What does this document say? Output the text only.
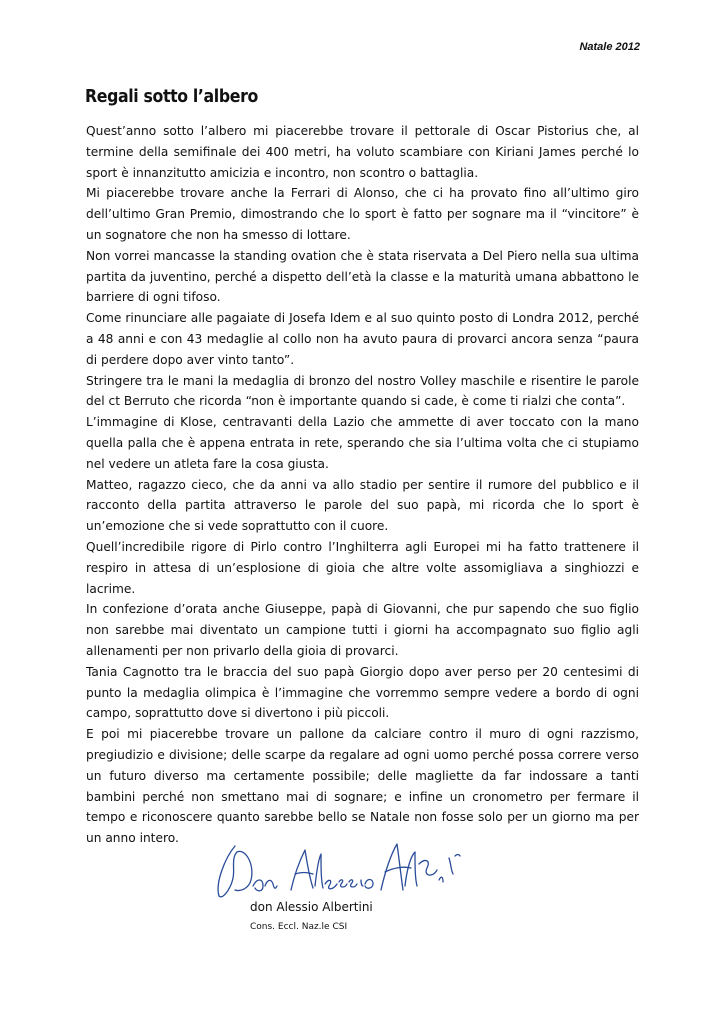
Natale 2012
Regali sotto l’albero

Quest’anno sotto l’albero mi piacerebbe trovare il pettorale di Oscar Pistorius che, al termine della semifinale dei 400 metri, ha voluto scambiare con Kiriani James perché lo sport è innanzitutto amicizia e incontro, non scontro o battaglia.

Mi piacerebbe trovare anche la Ferrari di Alonso, che ci ha provato fino all’ultimo giro dell’ultimo Gran Premio, dimostrando che lo sport è fatto per sognare ma il “vincitore” è un sognatore che non ha smesso di lottare.

Non vorrei mancasse la standing ovation che è stata riservata a Del Piero nella sua ultima partita da juventino, perché a dispetto dell’età la classe e la maturità umana abbattono le barriere di ogni tifoso.

Come rinunciare alle pagaiate di Josefa Idem e al suo quinto posto di Londra 2012, perché a 48 anni e con 43 medaglie al collo non ha avuto paura di provarci ancora senza “paura di perdere dopo aver vinto tanto”.

Stringere tra le mani la medaglia di bronzo del nostro Volley maschile e risentire le parole del ct Berruto che ricorda “non è importante quando si cade, è come ti rialzi che conta”.

L’immagine di Klose, centravanti della Lazio che ammette di aver toccato con la mano quella palla che è appena entrata in rete, sperando che sia l’ultima volta che ci stupiamo nel vedere un atleta fare la cosa giusta.

Matteo, ragazzo cieco, che da anni va allo stadio per sentire il rumore del pubblico e il racconto della partita attraverso le parole del suo papà, mi ricorda che lo sport è un’emozione che si vede soprattutto con il cuore.

Quell’incredibile rigore di Pirlo contro l’Inghilterra agli Europei mi ha fatto trattenere il respiro in attesa di un’esplosione di gioia che altre volte assomigliava a singhiozzi e lacrime.

In confezione d’orata anche Giuseppe, papà di Giovanni, che pur sapendo che suo figlio non sarebbe mai diventato un campione tutti i giorni ha accompagnato suo figlio agli allenamenti per non privarlo della gioia di provarci.

Tania Cagnotto tra le braccia del suo papà Giorgio dopo aver perso per 20 centesimi di punto la medaglia olimpica è l’immagine che vorremmo sempre vedere a bordo di ogni campo, soprattutto dove si divertono i più piccoli.

E poi mi piacerebbe trovare un pallone da calciare contro il muro di ogni razzismo, pregiudizio e divisione; delle scarpe da regalare ad ogni uomo perché possa correre verso un futuro diverso ma certamente possibile; delle magliette da far indossare a tanti bambini perché non smettano mai di sognare; e infine un cronometro per fermare il tempo e riconoscere quanto sarebbe bello se Natale non fosse solo per un giorno ma per un anno intero.

don Alessio Albertini
Cons. Eccl. Naz.le CSI
